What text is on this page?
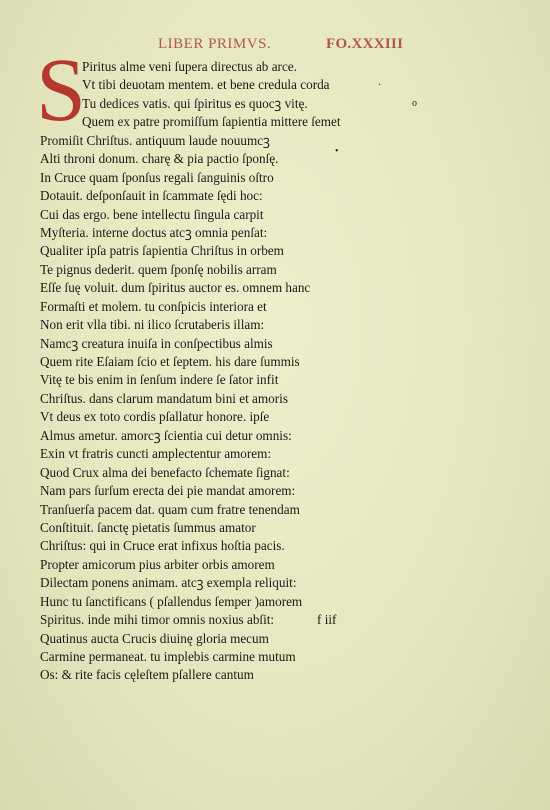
LIBER PRIMVS.	FO.XXXIII
S
Piritus alme veni ſupera directus ab arce.
Vt tibi deuotam mentem. et bene credula corda
Tu dedices vatis. qui ſpiritus es quocꝫ vitę.
Quem ex patre promiſſum ſapientia mittere ſemet
Promiſit Chriſtus. antiquum laude nouumcꝫ
Alti throni donum. charę & pia pactio ſponſę.
In Cruce quam ſponſus regali ſanguinis oſtro
Dotauit. deſponſauit in ſcammate ſędi hoc:
Cui das ergo. bene intellectu ſingula carpit
Myſteria. interne doctus atcꝫ omnia penſat:
Qualiter ipſa patris ſapientia Chriſtus in orbem
Te pignus dederit. quem ſponſę nobilis arram
Eſſe ſuę voluit. dum ſpiritus auctor es. omnem hanc
Formaſti et molem. tu conſpicis interiora et
Non erit vlla tibi. ni ilico ſcrutaberis illam:
Namcꝫ creatura inuiſa in conſpectibus almis
Quem rite Eſaiam ſcio et ſeptem. his dare ſummis
Vitę te bis enim in ſenſum indere ſe ſator infit
Chriſtus. dans clarum mandatum bini et amoris
Vt deus ex toto cordis pſallatur honore. ipſe
Almus ametur. amorcꝫ ſcientia cui detur omnis:
Exin vt fratris cuncti amplectentur amorem:
Quod Crux alma dei benefacto ſchemate ſignat:
Nam pars ſurſum erecta dei pie mandat amorem:
Tranſuerſa pacem dat. quam cum fratre tenendam
Conſtituit. ſanctę pietatis ſummus amator
Chriſtus: qui in Cruce erat infixus hoſtia pacis.
Propter amicorum pius arbiter orbis amorem
Dilectam ponens animam. atcꝫ exempla reliquit:
Hunc tu ſanctificans ( pſallendus ſemper )amorem
Spiritus. inde mihi timor omnis noxius abſit:
Quatinus aucta Crucis diuinę gloria mecum
Carmine permaneat. tu implebis carmine mutum
Os: & rite facis cęleſtem pſallere cantum
f iif
·
o
•
